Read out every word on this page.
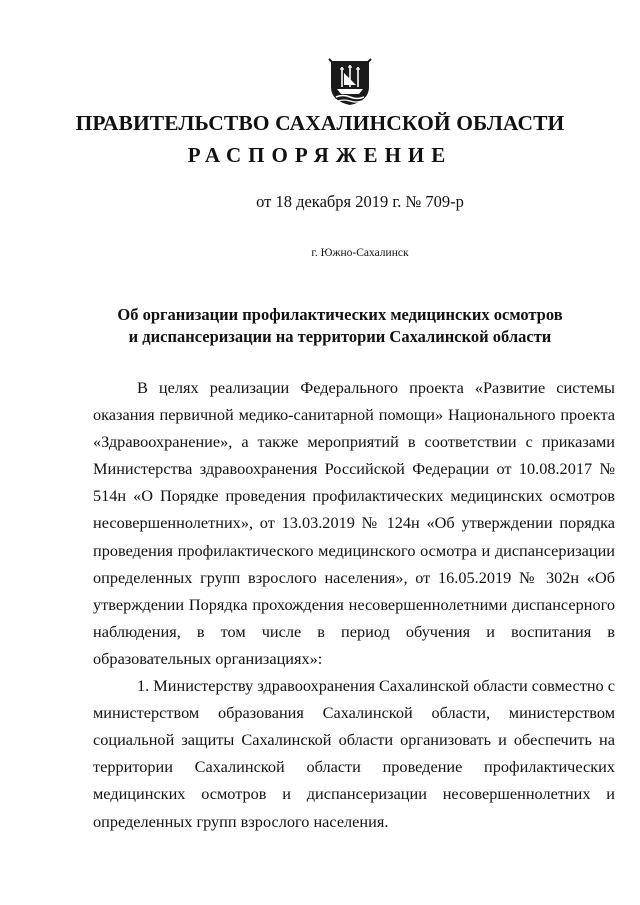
ПРАВИТЕЛЬСТВО САХАЛИНСКОЙ ОБЛАСТИ
РАСПОРЯЖЕНИЕ

от 18 декабря 2019 г. № 709-р

г. Южно-Сахалинск

Об организации профилактических медицинских осмотров
и диспансеризации на территории Сахалинской области

В целях реализации Федерального проекта «Развитие системы оказания первичной медико-санитарной помощи» Национального проекта «Здравоохранение», а также мероприятий в соответствии с приказами Министерства здравоохранения Российской Федерации от 10.08.2017 № 514н «О Порядке проведения профилактических медицинских осмотров несовершеннолетних», от 13.03.2019 № 124н «Об утверждении порядка проведения профилактического медицинского осмотра и диспансеризации определенных групп взрослого населения», от 16.05.2019 № 302н «Об утверждении Порядка прохождения несовершеннолетними диспансерного наблюдения, в том числе в период обучения и воспитания в образовательных организациях»:

1. Министерству здравоохранения Сахалинской области совместно с министерством образования Сахалинской области, министерством социальной защиты Сахалинской области организовать и обеспечить на территории Сахалинской области проведение профилактических медицинских осмотров и диспансеризации несовершеннолетних и определенных групп взрослого населения.
